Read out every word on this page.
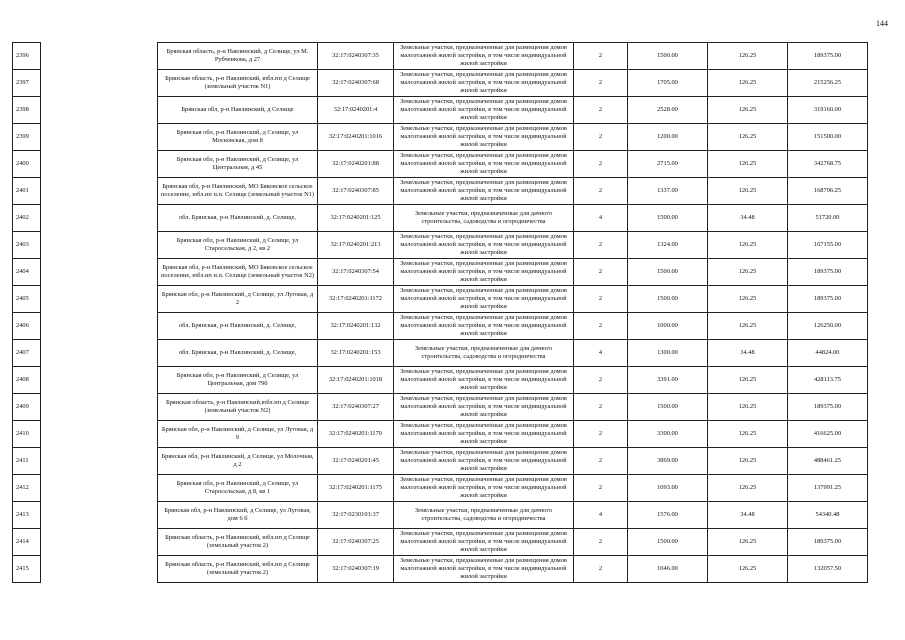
144
2396		Брянская область, р-н Навлинский, д Селище, ул М. Рубченкова, д 27	32:17:0240307:35	Земельные участки, предназначенные для размещения домов малоэтажной жилой застройки, в том числе индивидуальной жилой застройки	2	1500.00	126.25	189375.00
2397		Брянская область, р-н Навлинский, юбл.нп д Селище (земельный участок N1)	32:17:0240307:68	Земельные участки, предназначенные для размещения домов малоэтажной жилой застройки, в том числе индивидуальной жилой застройки	2	1705.00	126.25	215256.25
2398		Брянская обл, р-н Навлинский, д Селище	32:17:0240201:4	Земельные участки, предназначенные для размещения домов малоэтажной жилой застройки, в том числе индивидуальной жилой застройки	2	2528.00	126.25	319160.00
2399		Брянская обл, р-н Навлинский, д Селище, ул Московская, дом 8	32:17:0240201:1016	Земельные участки, предназначенные для размещения домов малоэтажной жилой застройки, в том числе индивидуальной жилой застройки	2	1200.00	126.25	151500.00
2400		Брянская обл, р-н Навлинский, д Селище, ул Центральная, д 45	32:17:0240201:88	Земельные участки, предназначенные для размещения домов малоэтажной жилой застройки, в том числе индивидуальной жилой застройки	2	2715.00	126.25	342768.75
2401		Брянская обл, р-н Навлинский, МО Бяковское сельское поселение, юбл.нп н.п. Селище (земельный участок N1)	32:17:0240307:85	Земельные участки, предназначенные для размещения домов малоэтажной жилой застройки, в том числе индивидуальной жилой застройки	2	1337.00	126.25	168796.25
2402		обл. Брянская, р-н Навлинский, д. Селище,	32:17:0240201:125	Земельные участки, предназначенные для дачного строительства, садоводства и огородничества	4	1500.00	34.48	51720.00
2403		Брянская обл, р-н Навлинский, д Селище, ул Старосельская, д 2, кв 2	32:17:0240201:213	Земельные участки, предназначенные для размещения домов малоэтажной жилой застройки, в том числе индивидуальной жилой застройки	2	1324.00	126.25	167155.00
2404		Брянская обл, р-н Навлинский, МО Бяковское сельское поселение, юбл.нп н.п. Селище (земельный участок N2)	32:17:0240307:54	Земельные участки, предназначенные для размещения домов малоэтажной жилой застройки, в том числе индивидуальной жилой застройки	2	1500.00	126.25	189375.00
2405		Брянская обл, р-н Навлинский, д Селище, ул Луговая, д 2	32:17:0240201:1172	Земельные участки, предназначенные для размещения домов малоэтажной жилой застройки, в том числе индивидуальной жилой застройки	2	1500.00	126.25	189375.00
2406		обл. Брянская, р-н Навлинский, д. Селище,	32:17:0240201:132	Земельные участки, предназначенные для размещения домов малоэтажной жилой застройки, в том числе индивидуальной жилой застройки	2	1000.00	126.25	126250.00
2407		обл. Брянская, р-н Навлинский, д. Селище,	32:17:0240201:153	Земельные участки, предназначенные для дачного строительства, садоводства и огородничества	4	1300.00	34.48	44824.00
2408		Брянская обл, р-н Навлинский, д Селище, ул Центральная, дом 79б	32:17:0240201:1018	Земельные участки, предназначенные для размещения домов малоэтажной жилой застройки, в том числе индивидуальной жилой застройки	2	3391.00	126.25	428113.75
2409		Брянская область, р-н Навлинский,юбл.нп д Селище (земельный участок N2)	32:17:0240307:27	Земельные участки, предназначенные для размещения домов малоэтажной жилой застройки, в том числе индивидуальной жилой застройки	2	1500.00	126.25	189375.00
2410		Брянская обл, р-н Навлинский, д Селище, ул Луговая, д 9	32:17:0240201:1170	Земельные участки, предназначенные для размещения домов малоэтажной жилой застройки, в том числе индивидуальной жилой застройки	2	3300.00	126.25	416625.00
2411		Брянская обл, р-н Навлинский, д Селище, ул Молочная, д 2	32:17:0240201:45	Земельные участки, предназначенные для размещения домов малоэтажной жилой застройки, в том числе индивидуальной жилой застройки	2	3869.00	126.25	488461.25
2412		Брянская обл, р-н Навлинский, д Селище, ул Старосельская, д 8, кв 1	32:17:0240201:1175	Земельные участки, предназначенные для размещения домов малоэтажной жилой застройки, в том числе индивидуальной жилой застройки	2	1093.00	126.25	137991.25
2413		Брянская обл, р-н Навлинский, д Селище, ул Луговая, дом 6 б	32:17:0230101:37	Земельные участки, предназначенные для дачного строительства, садоводства и огородничества	4	1576.00	34.48	54340.48
2414		Брянская область, р-н Навлинский, юбл.нп д Селище (земельный участок 2)	32:17:0240307:25	Земельные участки, предназначенные для размещения домов малоэтажной жилой застройки, в том числе индивидуальной жилой застройки	2	1500.00	126.25	189375.00
2415		Брянская область, р-н Навлинский, юбл.нп д Селище (земельный участок 2)	32:17:0240307:19	Земельные участки, предназначенные для размещения домов малоэтажной жилой застройки, в том числе индивидуальной жилой застройки	2	1046.00	126.25	132057.50
